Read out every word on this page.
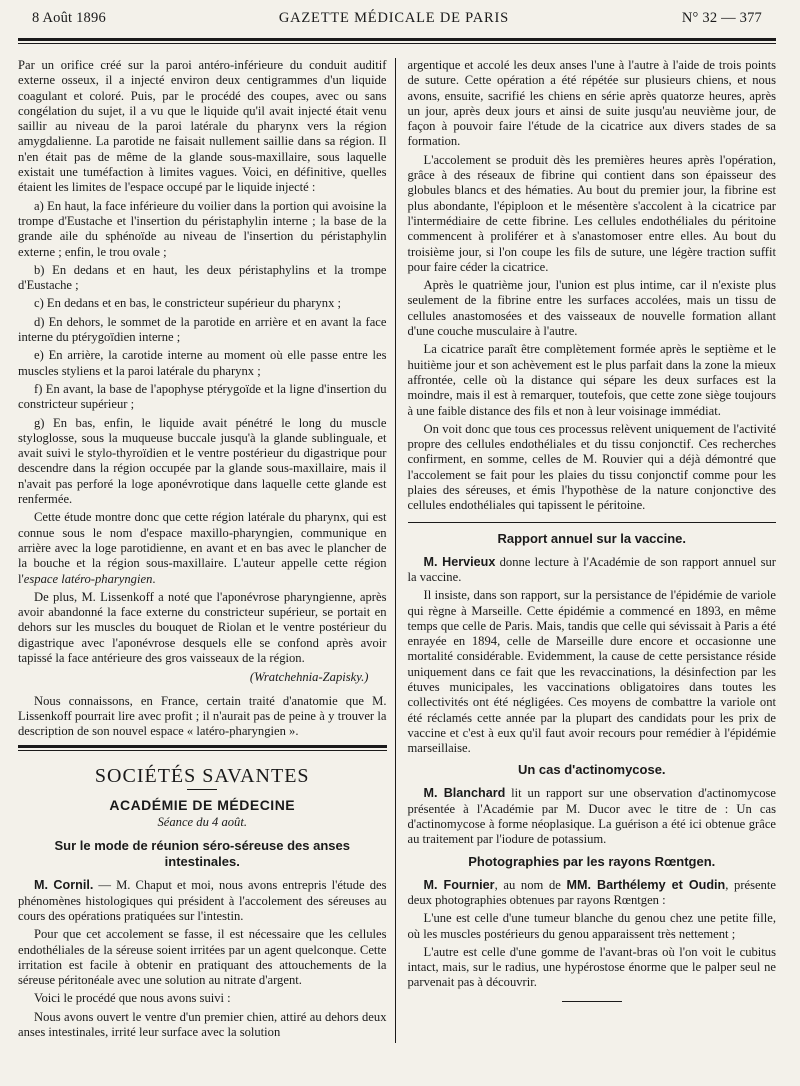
8 Août 1896	GAZETTE MÉDICALE DE PARIS	N° 32 — 377

Par un orifice créé sur la paroi antéro-inférieure du conduit auditif externe osseux, il a injecté environ deux centigrammes d'un liquide coagulant et coloré. Puis, par le procédé des coupes, avec ou sans congélation du sujet, il a vu que le liquide qu'il avait injecté était venu saillir au niveau de la paroi latérale du pharynx vers la région amygdalienne. La parotide ne faisait nullement saillie dans sa région. Il n'en était pas de même de la glande sous-maxillaire, sous laquelle existait une tuméfaction à limites vagues. Voici, en définitive, quelles étaient les limites de l'espace occupé par le liquide injecté :

a) En haut, la face inférieure du voilier dans la portion qui avoisine la trompe d'Eustache et l'insertion du péristaphylin interne ; la base de la grande aile du sphénoïde au niveau de l'insertion du péristaphylin externe ; enfin, le trou ovale ;

b) En dedans et en haut, les deux péristaphylins et la trompe d'Eustache ;

c) En dedans et en bas, le constricteur supérieur du pharynx ;

d) En dehors, le sommet de la parotide en arrière et en avant la face interne du ptérygoïdien interne ;

e) En arrière, la carotide interne au moment où elle passe entre les muscles styliens et la paroi latérale du pharynx ;

f) En avant, la base de l'apophyse ptérygoïde et la ligne d'insertion du constricteur supérieur ;

g) En bas, enfin, le liquide avait pénétré le long du muscle styloglosse, sous la muqueuse buccale jusqu'à la glande sublinguale, et avait suivi le stylo-thyroïdien et le ventre postérieur du digastrique pour descendre dans la région occupée par la glande sous-maxillaire, mais il n'avait pas perforé la loge aponévrotique dans laquelle cette glande est renfermée.

Cette étude montre donc que cette région latérale du pharynx, qui est connue sous le nom d'espace maxillo-pharyngien, communique en arrière avec la loge parotidienne, en avant et en bas avec le plancher de la bouche et la région sous-maxillaire. L'auteur appelle cette région l'espace latéro-pharyngien.

De plus, M. Lissenkoff a noté que l'aponévrose pharyngienne, après avoir abandonné la face externe du constricteur supérieur, se portait en dehors sur les muscles du bouquet de Riolan et le ventre postérieur du digastrique avec l'aponévrose desquels elle se confond après avoir tapissé la face antérieure des gros vaisseaux de la région.

(Wratchehnia-Zapisky.)

Nous connaissons, en France, certain traité d'anatomie que M. Lissenkoff pourrait lire avec profit ; il n'aurait pas de peine à y trouver la description de son nouvel espace « latéro-pharyngien ».

SOCIÉTÉS SAVANTES
ACADÉMIE DE MÉDECINE
Séance du 4 août.
Sur le mode de réunion séro-séreuse des anses intestinales.

M. Cornil. — M. Chaput et moi, nous avons entrepris l'étude des phénomènes histologiques qui président à l'accolement des séreuses au cours des opérations pratiquées sur l'intestin.

Pour que cet accolement se fasse, il est nécessaire que les cellules endothéliales de la séreuse soient irritées par un agent quelconque. Cette irritation est facile à obtenir en pratiquant des attouchements de la séreuse péritonéale avec une solution au nitrate d'argent.

Voici le procédé que nous avons suivi :

Nous avons ouvert le ventre d'un premier chien, attiré au dehors deux anses intestinales, irrité leur surface avec la solution

argentique et accolé les deux anses l'une à l'autre à l'aide de trois points de suture. Cette opération a été répétée sur plusieurs chiens, et nous avons, ensuite, sacrifié les chiens en série après quatorze heures, après un jour, après deux jours et ainsi de suite jusqu'au neuvième jour, de façon à pouvoir faire l'étude de la cicatrice aux divers stades de sa formation.

L'accolement se produit dès les premières heures après l'opération, grâce à des réseaux de fibrine qui contient dans son épaisseur des globules blancs et des hématies. Au bout du premier jour, la fibrine est plus abondante, l'épiploon et le mésentère s'accolent à la cicatrice par l'intermédiaire de cette fibrine. Les cellules endothéliales du péritoine commencent à proliférer et à s'anastomoser entre elles. Au bout du troisième jour, si l'on coupe les fils de suture, une légère traction suffit pour faire céder la cicatrice.

Après le quatrième jour, l'union est plus intime, car il n'existe plus seulement de la fibrine entre les surfaces accolées, mais un tissu de cellules anastomosées et des vaisseaux de nouvelle formation allant d'une couche musculaire à l'autre.

La cicatrice paraît être complètement formée après le septième et le huitième jour et son achèvement est le plus parfait dans la zone la mieux affrontée, celle où la distance qui sépare les deux surfaces est la moindre, mais il est à remarquer, toutefois, que cette zone siège toujours à une faible distance des fils et non à leur voisinage immédiat.

On voit donc que tous ces processus relèvent uniquement de l'activité propre des cellules endothéliales et du tissu conjonctif. Ces recherches confirment, en somme, celles de M. Rouvier qui a déjà démontré que l'accolement se fait pour les plaies du tissu conjonctif comme pour les plaies des séreuses, et émis l'hypothèse de la nature conjonctive des cellules endothéliales qui tapissent le péritoine.

Rapport annuel sur la vaccine.

M. Hervieux donne lecture à l'Académie de son rapport annuel sur la vaccine.

Il insiste, dans son rapport, sur la persistance de l'épidémie de variole qui règne à Marseille. Cette épidémie a commencé en 1893, en même temps que celle de Paris. Mais, tandis que celle qui sévissait à Paris a été enrayée en 1894, celle de Marseille dure encore et occasionne une mortalité considérable. Evidemment, la cause de cette persistance réside uniquement dans ce fait que les revaccinations, la désinfection par les étuves municipales, les vaccinations obligatoires dans toutes les collectivités ont été négligées. Ces moyens de combattre la variole ont été réclamés cette année par la plupart des candidats pour les prix de vaccine et c'est à eux qu'il faut avoir recours pour remédier à l'épidémie marseillaise.

Un cas d'actinomycose.

M. Blanchard lit un rapport sur une observation d'actinomycose présentée à l'Académie par M. Ducor avec le titre de : Un cas d'actinomycose à forme néoplasique. La guérison a été ici obtenue grâce au traitement par l'iodure de potassium.

Photographies par les rayons Rœntgen.

M. Fournier, au nom de MM. Barthélemy et Oudin, présente deux photographies obtenues par rayons Rœntgen :

L'une est celle d'une tumeur blanche du genou chez une petite fille, où les muscles postérieurs du genou apparaissent très nettement ;

L'autre est celle d'une gomme de l'avant-bras où l'on voit le cubitus intact, mais, sur le radius, une hypérostose énorme que le palper seul ne parvenait pas à découvrir.
